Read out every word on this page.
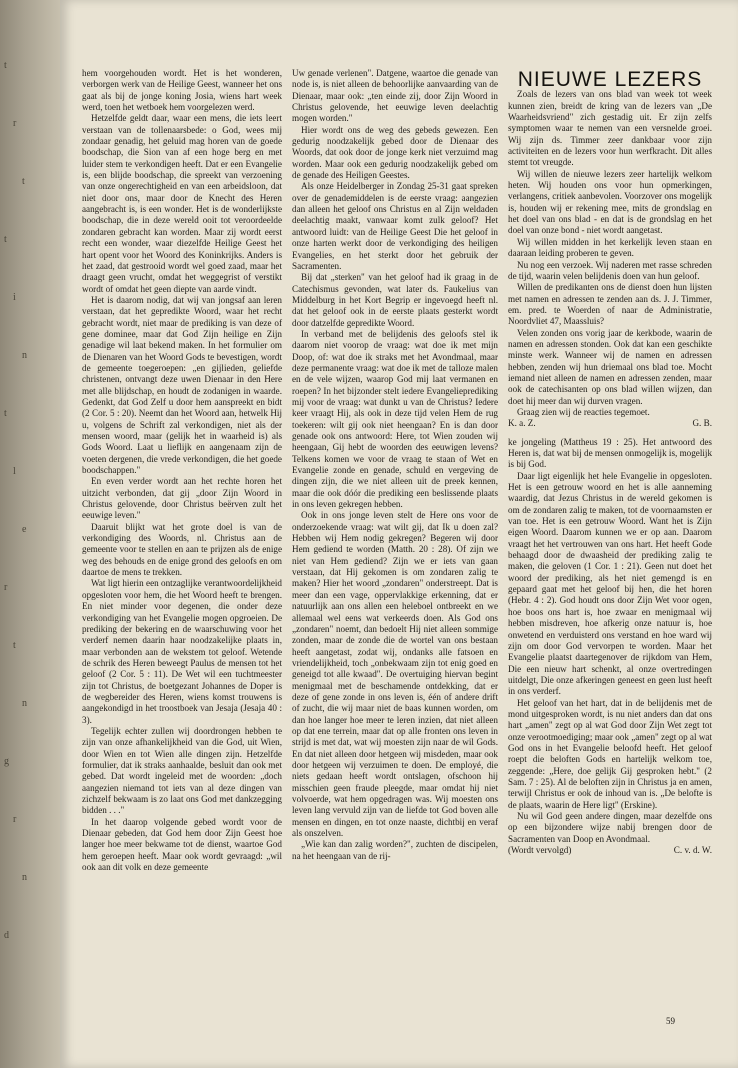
t
r
t
t
i
n
t
l
e
r
t
n
g
r
n
d

hem voorgehouden wordt. Het is het wonderen, verborgen werk van de Heilige Geest, wanneer het ons gaat als bij de jonge koning Josia, wiens hart week werd, toen het wetboek hem voorgelezen werd.

Hetzelfde geldt daar, waar een mens, die iets leert verstaan van de tollenaarsbede: o God, wees mij zondaar genadig, het geluid mag horen van de goede boodschap, die Sion van af een hoge berg en met luider stem te verkondigen heeft. Dat er een Evangelie is, een blijde boodschap, die spreekt van verzoening van onze ongerechtigheid en van een arbeidsloon, dat niet door ons, maar door de Knecht des Heren aangebracht is, is een wonder. Het is de wonderlijkste boodschap, die in deze wereld ooit tot veroordeelde zondaren gebracht kan worden. Maar zij wordt eerst recht een wonder, waar diezelfde Heilige Geest het hart opent voor het Woord des Koninkrijks. Anders is het zaad, dat gestrooid wordt wel goed zaad, maar het draagt geen vrucht, omdat het weggegrist of verstikt wordt of omdat het geen diepte van aarde vindt.

Het is daarom nodig, dat wij van jongsaf aan leren verstaan, dat het gepredikte Woord, waar het recht gebracht wordt, niet maar de prediking is van deze of gene dominee, maar dat God Zijn heilige en Zijn genadige wil laat bekend maken. In het formulier om de Dienaren van het Woord Gods te bevestigen, wordt de gemeente toegeroepen: „en gijlieden, geliefde christenen, ontvangt deze uwen Dienaar in den Here met alle blijdschap, en houdt de zodanigen in waarde. Gedenkt, dat God Zelf u door hem aanspreekt en bidt (2 Cor. 5 : 20). Neemt dan het Woord aan, hetwelk Hij u, volgens de Schrift zal verkondigen, niet als der mensen woord, maar (gelijk het in waarheid is) als Gods Woord. Laat u lieflijk en aangenaam zijn de voeten dergenen, die vrede verkondigen, die het goede boodschappen."

En even verder wordt aan het rechte horen het uitzicht verbonden, dat gij „door Zijn Woord in Christus gelovende, door Christus beërven zult het eeuwige leven."

Daaruit blijkt wat het grote doel is van de verkondiging des Woords, nl. Christus aan de gemeente voor te stellen en aan te prijzen als de enige weg des behouds en de enige grond des geloofs en om daartoe de mens te trekken.

Wat ligt hierin een ontzaglijke verantwoordelijkheid opgesloten voor hem, die het Woord heeft te brengen. En niet minder voor degenen, die onder deze verkondiging van het Evangelie mogen opgroeien. De prediking der bekering en de waarschuwing voor het verderf nemen daarin haar noodzakelijke plaats in, maar verbonden aan de wekstem tot geloof. Wetende de schrik des Heren beweegt Paulus de mensen tot het geloof (2 Cor. 5 : 11). De Wet wil een tuchtmeester zijn tot Christus, de boetgezant Johannes de Doper is de wegbereider des Heren, wiens komst trouwens is aangekondigd in het troostboek van Jesaja (Jesaja 40 : 3).

Tegelijk echter zullen wij doordrongen hebben te zijn van onze afhankelijkheid van die God, uit Wien, door Wien en tot Wien alle dingen zijn. Hetzelfde formulier, dat ik straks aanhaalde, besluit dan ook met gebed. Dat wordt ingeleid met de woorden: „doch aangezien niemand tot iets van al deze dingen van zichzelf bekwaam is zo laat ons God met dankzegging bidden . . ."

In het daarop volgende gebed wordt voor de Dienaar gebeden, dat God hem door Zijn Geest hoe langer hoe meer bekwame tot de dienst, waartoe God hem geroepen heeft. Maar ook wordt gevraagd: „wil ook aan dit volk en deze gemeente

Uw genade verlenen". Datgene, waartoe die genade van node is, is niet alleen de behoorlijke aanvaarding van de Dienaar, maar ook: „ten einde zij, door Zijn Woord in Christus gelovende, het eeuwige leven deelachtig mogen worden."

Hier wordt ons de weg des gebeds gewezen. Een gedurig noodzakelijk gebed door de Dienaar des Woords, dat ook door de jonge kerk niet verzuimd mag worden. Maar ook een gedurig noodzakelijk gebed om de genade des Heiligen Geestes.

Als onze Heidelberger in Zondag 25-31 gaat spreken over de genademiddelen is de eerste vraag: aangezien dan alleen het geloof ons Christus en al Zijn weldaden deelachtig maakt, vanwaar komt zulk geloof? Het antwoord luidt: van de Heilige Geest Die het geloof in onze harten werkt door de verkondiging des heiligen Evangelies, en het sterkt door het gebruik der Sacramenten.

Bij dat „sterken" van het geloof had ik graag in de Catechismus gevonden, wat later ds. Faukelius van Middelburg in het Kort Begrip er ingevoegd heeft nl. dat het geloof ook in de eerste plaats gesterkt wordt door datzelfde gepredikte Woord.

In verband met de belijdenis des geloofs stel ik daarom niet voorop de vraag: wat doe ik met mijn Doop, of: wat doe ik straks met het Avondmaal, maar deze permanente vraag: wat doe ik met de talloze malen en de vele wijzen, waarop God mij laat vermanen en roepen? In het bijzonder stelt iedere Evangelieprediking mij voor de vraag: wat dunkt u van de Christus? Iedere keer vraagt Hij, als ook in deze tijd velen Hem de rug toekeren: wilt gij ook niet heengaan? En is dan door genade ook ons antwoord: Here, tot Wien zouden wij heengaan, Gij hebt de woorden des eeuwigen levens? Telkens komen we voor de vraag te staan of Wet en Evangelie zonde en genade, schuld en vergeving de dingen zijn, die we niet alleen uit de preek kennen, maar die ook dóór die prediking een beslissende plaats in ons leven gekregen hebben.

Ook in ons jonge leven stelt de Here ons voor de onderzoekende vraag: wat wilt gij, dat Ik u doen zal? Hebben wij Hem nodig gekregen? Begeren wij door Hem gediend te worden (Matth. 20 : 28). Of zijn we niet van Hem gediend? Zijn we er iets van gaan verstaan, dat Hij gekomen is om zondaren zalig te maken? Hier het woord „zondaren" onderstreept. Dat is meer dan een vage, oppervlakkige erkenning, dat er natuurlijk aan ons allen een heleboel ontbreekt en we allemaal wel eens wat verkeerds doen. Als God ons „zondaren" noemt, dan bedoelt Hij niet alleen sommige zonden, maar de zonde die de wortel van ons bestaan heeft aangetast, zodat wij, ondanks alle fatsoen en vriendelijkheid, toch „onbekwaam zijn tot enig goed en geneigd tot alle kwaad". De overtuiging hiervan begint menigmaal met de beschamende ontdekking, dat er deze of gene zonde in ons leven is, één of andere drift of zucht, die wij maar niet de baas kunnen worden, om dan hoe langer hoe meer te leren inzien, dat niet alleen op dat ene terrein, maar dat op alle fronten ons leven in strijd is met dat, wat wij moesten zijn naar de wil Gods. En dat niet alleen door hetgeen wij misdeden, maar ook door hetgeen wij verzuimen te doen. De employé, die niets gedaan heeft wordt ontslagen, ofschoon hij misschien geen fraude pleegde, maar omdat hij niet volvoerde, wat hem opgedragen was. Wij moesten ons leven lang vervuld zijn van de liefde tot God boven alle mensen en dingen, en tot onze naaste, dichtbij en veraf als onszelven.

„Wie kan dan zalig worden?", zuchten de discipelen, na het heengaan van de rij-

NIEUWE LEZERS

Zoals de lezers van ons blad van week tot week kunnen zien, breidt de kring van de lezers van „De Waarheidsvriend" zich gestadig uit. Er zijn zelfs symptomen waar te nemen van een versnelde groei. Wij zijn ds. Timmer zeer dankbaar voor zijn activiteiten en de lezers voor hun werfkracht. Dit alles stemt tot vreugde.

Wij willen de nieuwe lezers zeer hartelijk welkom heten. Wij houden ons voor hun opmerkingen, verlangens, critiek aanbevolen. Voorzover ons mogelijk is, houden wij er rekening mee, mits de grondslag en het doel van ons blad - en dat is de grondslag en het doel van onze bond - niet wordt aangetast.

Wij willen midden in het kerkelijk leven staan en daaraan leiding proberen te geven.

Nu nog een verzoek. Wij naderen met rasse schreden de tijd, waarin velen belijdenis doen van hun geloof.

Willen de predikanten ons de dienst doen hun lijsten met namen en adressen te zenden aan ds. J. J. Timmer, em. pred. te Woerden of naar de Administratie, Noordvliet 47, Maassluis?

Velen zonden ons vorig jaar de kerkbode, waarin de namen en adressen stonden. Ook dat kan een geschikte minste werk. Wanneer wij de namen en adressen hebben, zenden wij hun driemaal ons blad toe. Mocht iemand niet alleen de namen en adressen zenden, maar ook de catechisanten op ons blad willen wijzen, dan doet hij meer dan wij durven vragen.

Graag zien wij de reacties tegemoet.

K. a. Z.	G. B.

ke jongeling (Mattheus 19 : 25). Het antwoord des Heren is, dat wat bij de mensen onmogelijk is, mogelijk is bij God.

Daar ligt eigenlijk het hele Evangelie in opgesloten. Het is een getrouw woord en het is alle aanneming waardig, dat Jezus Christus in de wereld gekomen is om de zondaren zalig te maken, tot de voornaamsten er van toe. Het is een getrouw Woord. Want het is Zijn eigen Woord. Daarom kunnen we er op aan. Daarom vraagt het het vertrouwen van ons hart. Het heeft Gode behaagd door de dwaasheid der prediking zalig te maken, die geloven (1 Cor. 1 : 21). Geen nut doet het woord der prediking, als het niet gemengd is en gepaard gaat met het geloof bij hen, die het horen (Hebr. 4 : 2). God houdt ons door Zijn Wet voor ogen, hoe boos ons hart is, hoe zwaar en menigmaal wij hebben misdreven, hoe afkerig onze natuur is, hoe onwetend en verduisterd ons verstand en hoe ward wij zijn om door God vervorpen te worden. Maar het Evangelie plaatst daartegenover de rijkdom van Hem, Die een nieuw hart schenkt, al onze overtredingen uitdelgt, Die onze afkeringen geneest en geen lust heeft in ons verderf.

Het geloof van het hart, dat in de belijdenis met de mond uitgesproken wordt, is nu niet anders dan dat ons hart „amen" zegt op al wat God door Zijn Wet zegt tot onze verootmoediging; maar ook „amen" zegt op al wat God ons in het Evangelie beloofd heeft. Het geloof roept die beloften Gods en hartelijk welkom toe, zeggende: „Here, doe gelijk Gij gesproken hebt." (2 Sam. 7 : 25). Al de beloften zijn in Christus ja en amen, terwijl Christus er ook de inhoud van is. „De belofte is de plaats, waarin de Here ligt" (Erskine).

Nu wil God geen andere dingen, maar dezelfde ons op een bijzondere wijze nabij brengen door de Sacramenten van Doop en Avondmaal.

(Wordt vervolgd)	C. v. d. W.
59
